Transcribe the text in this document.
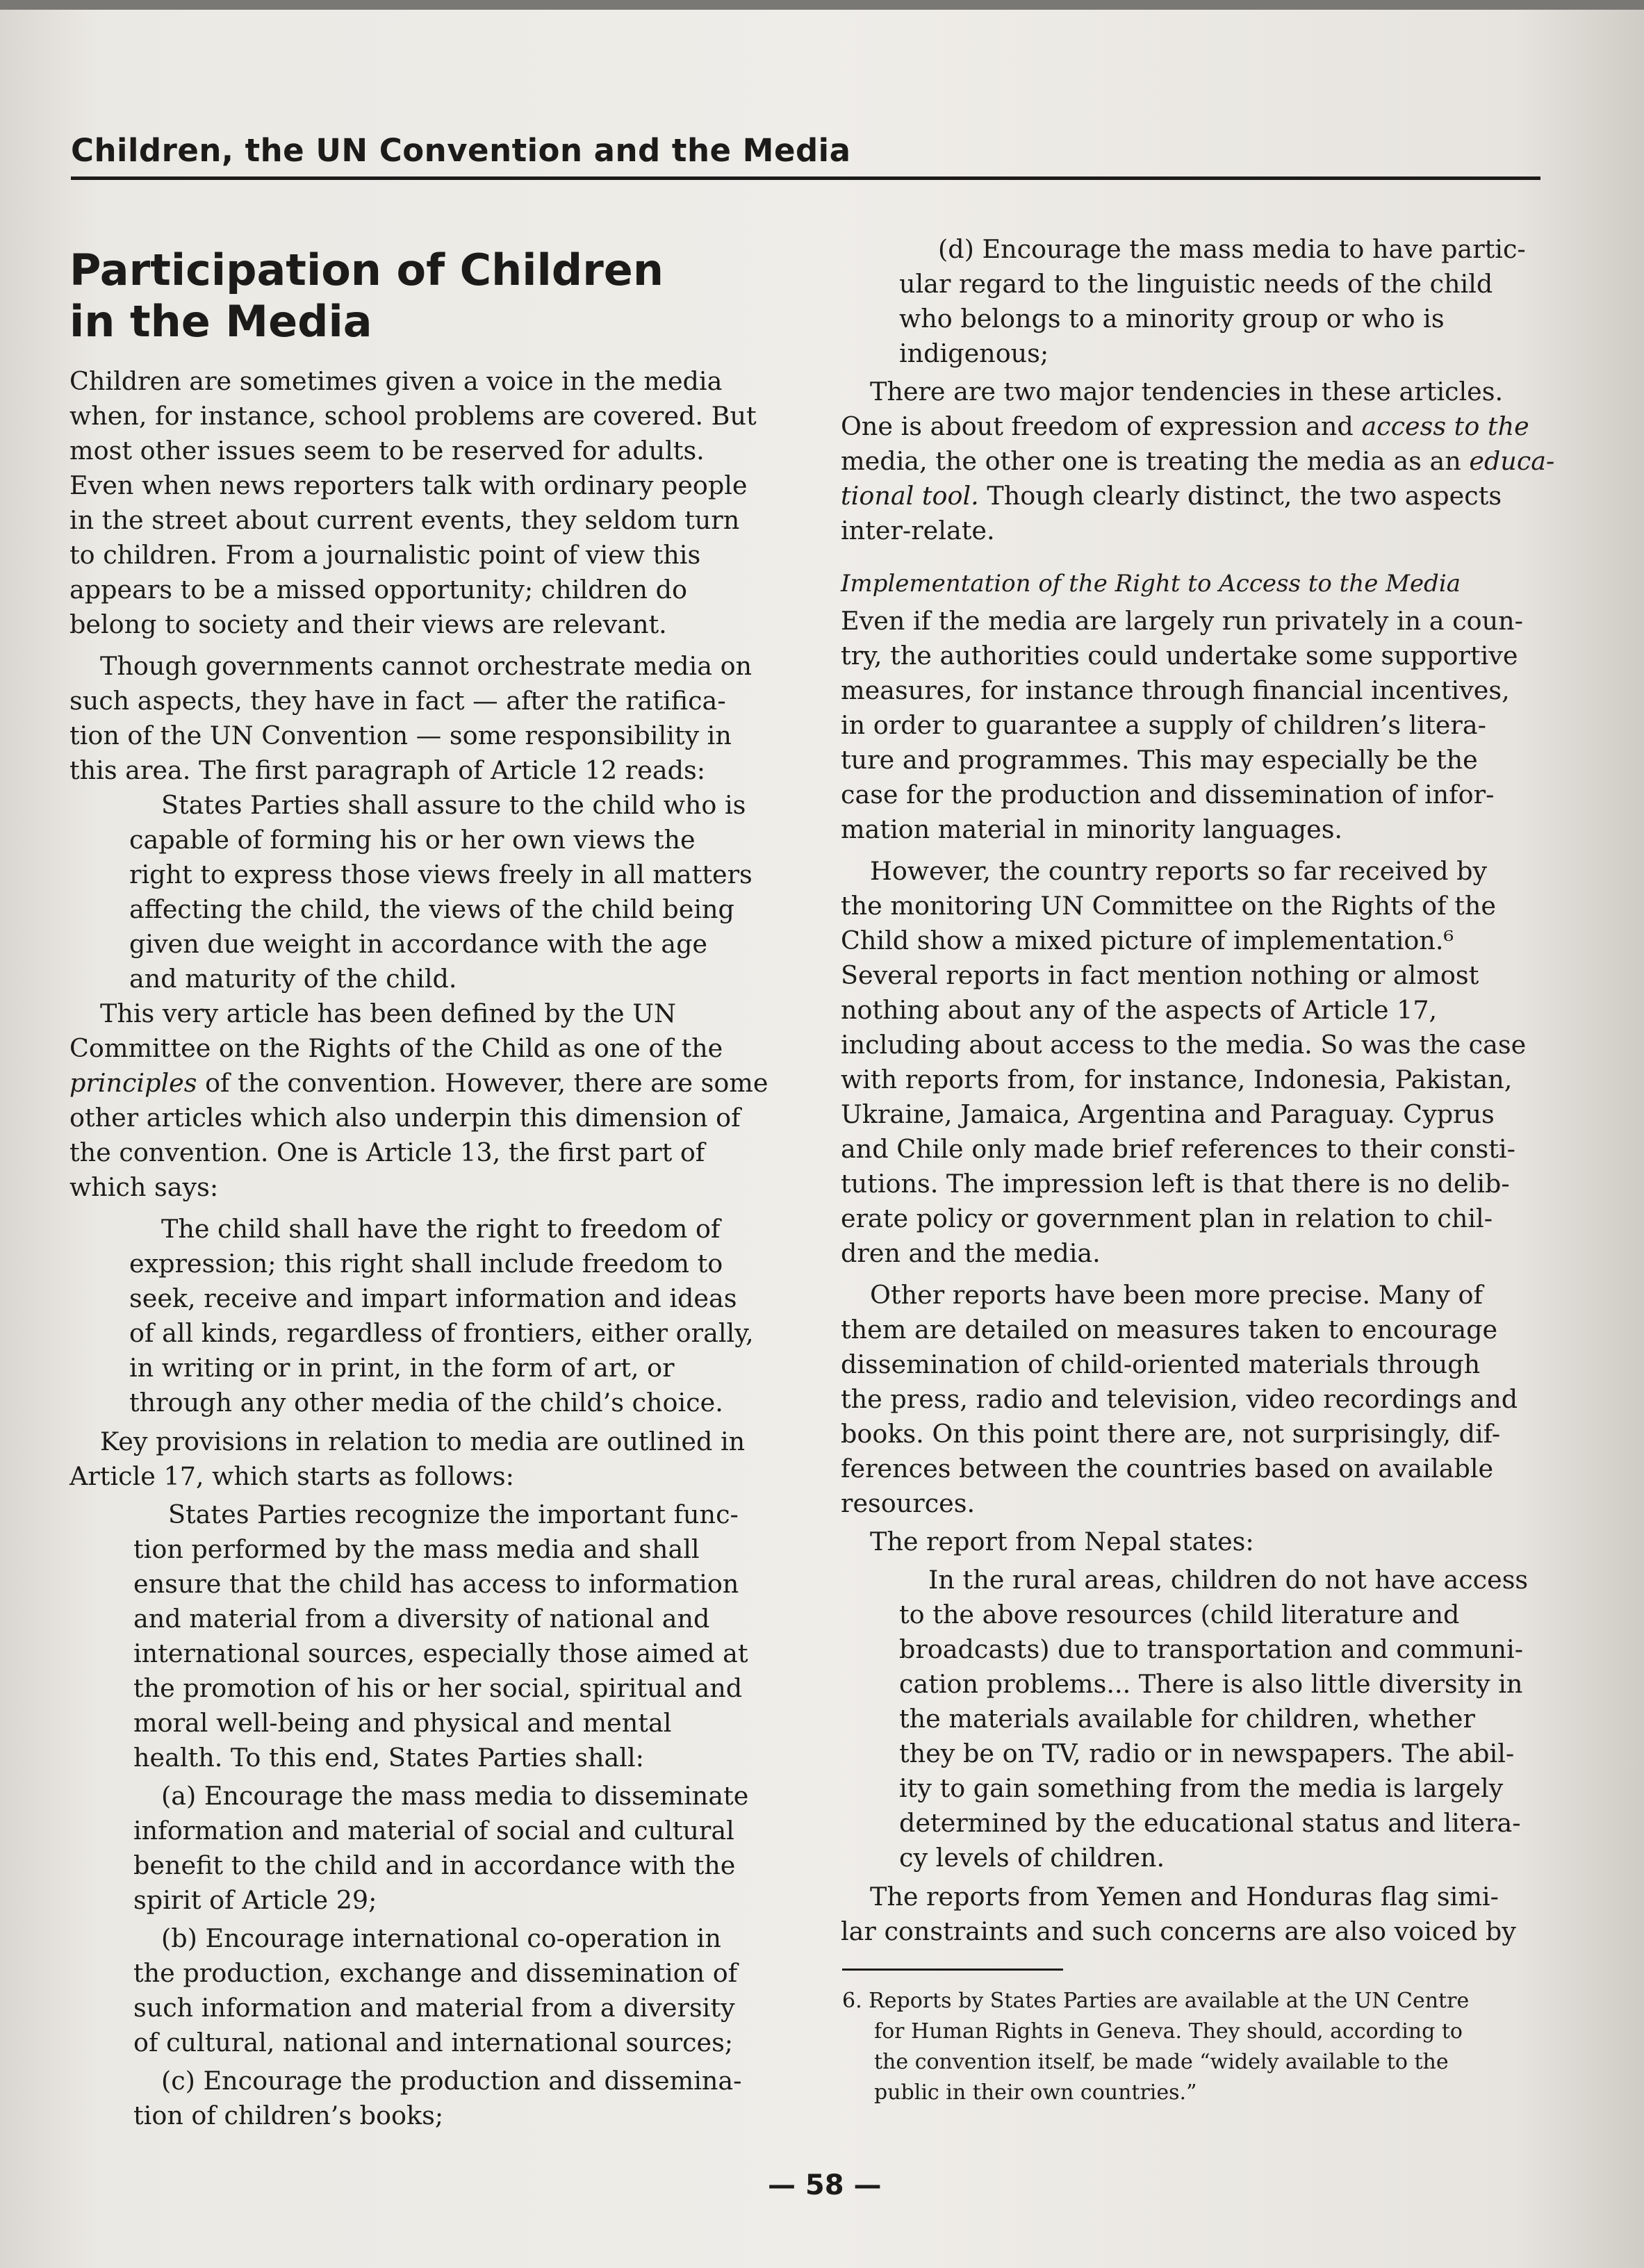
Children, the UN Convention and the Media
Participation of Children
in the Media
Children are sometimes given a voice in the media
when, for instance, school problems are covered. But
most other issues seem to be reserved for adults.
Even when news reporters talk with ordinary people
in the street about current events, they seldom turn
to children. From a journalistic point of view this
appears to be a missed opportunity; children do
belong to society and their views are relevant.
Though governments cannot orchestrate media on
such aspects, they have in fact — after the ratifica-
tion of the UN Convention — some responsibility in
this area. The first paragraph of Article 12 reads:
States Parties shall assure to the child who is
capable of forming his or her own views the
right to express those views freely in all matters
affecting the child, the views of the child being
given due weight in accordance with the age
and maturity of the child.
This very article has been defined by the UN
Committee on the Rights of the Child as one of the
principles of the convention. However, there are some
other articles which also underpin this dimension of
the convention. One is Article 13, the first part of
which says:
The child shall have the right to freedom of
expression; this right shall include freedom to
seek, receive and impart information and ideas
of all kinds, regardless of frontiers, either orally,
in writing or in print, in the form of art, or
through any other media of the child’s choice.
Key provisions in relation to media are outlined in
Article 17, which starts as follows:
States Parties recognize the important func-
tion performed by the mass media and shall
ensure that the child has access to information
and material from a diversity of national and
international sources, especially those aimed at
the promotion of his or her social, spiritual and
moral well-being and physical and mental
health. To this end, States Parties shall:
(a) Encourage the mass media to disseminate
information and material of social and cultural
benefit to the child and in accordance with the
spirit of Article 29;
(b) Encourage international co-operation in
the production, exchange and dissemination of
such information and material from a diversity
of cultural, national and international sources;
(c) Encourage the production and dissemina-
tion of children’s books;
(d) Encourage the mass media to have partic-
ular regard to the linguistic needs of the child
who belongs to a minority group or who is
indigenous;
There are two major tendencies in these articles.
One is about freedom of expression and access to the
media, the other one is treating the media as an educa-
tional tool. Though clearly distinct, the two aspects
inter-relate.
Implementation of the Right to Access to the Media
Even if the media are largely run privately in a coun-
try, the authorities could undertake some supportive
measures, for instance through financial incentives,
in order to guarantee a supply of children’s litera-
ture and programmes. This may especially be the
case for the production and dissemination of infor-
mation material in minority languages.
However, the country reports so far received by
the monitoring UN Committee on the Rights of the
Child show a mixed picture of implementation.⁶
Several reports in fact mention nothing or almost
nothing about any of the aspects of Article 17,
including about access to the media. So was the case
with reports from, for instance, Indonesia, Pakistan,
Ukraine, Jamaica, Argentina and Paraguay. Cyprus
and Chile only made brief references to their consti-
tutions. The impression left is that there is no delib-
erate policy or government plan in relation to chil-
dren and the media.
Other reports have been more precise. Many of
them are detailed on measures taken to encourage
dissemination of child-oriented materials through
the press, radio and television, video recordings and
books. On this point there are, not surprisingly, dif-
ferences between the countries based on available
resources.
The report from Nepal states:
In the rural areas, children do not have access
to the above resources (child literature and
broadcasts) due to transportation and communi-
cation problems... There is also little diversity in
the materials available for children, whether
they be on TV, radio or in newspapers. The abil-
ity to gain something from the media is largely
determined by the educational status and litera-
cy levels of children.
The reports from Yemen and Honduras flag simi-
lar constraints and such concerns are also voiced by
6. Reports by States Parties are available at the UN Centre
for Human Rights in Geneva. They should, according to
the convention itself, be made “widely available to the
public in their own countries.”
— 58 —
